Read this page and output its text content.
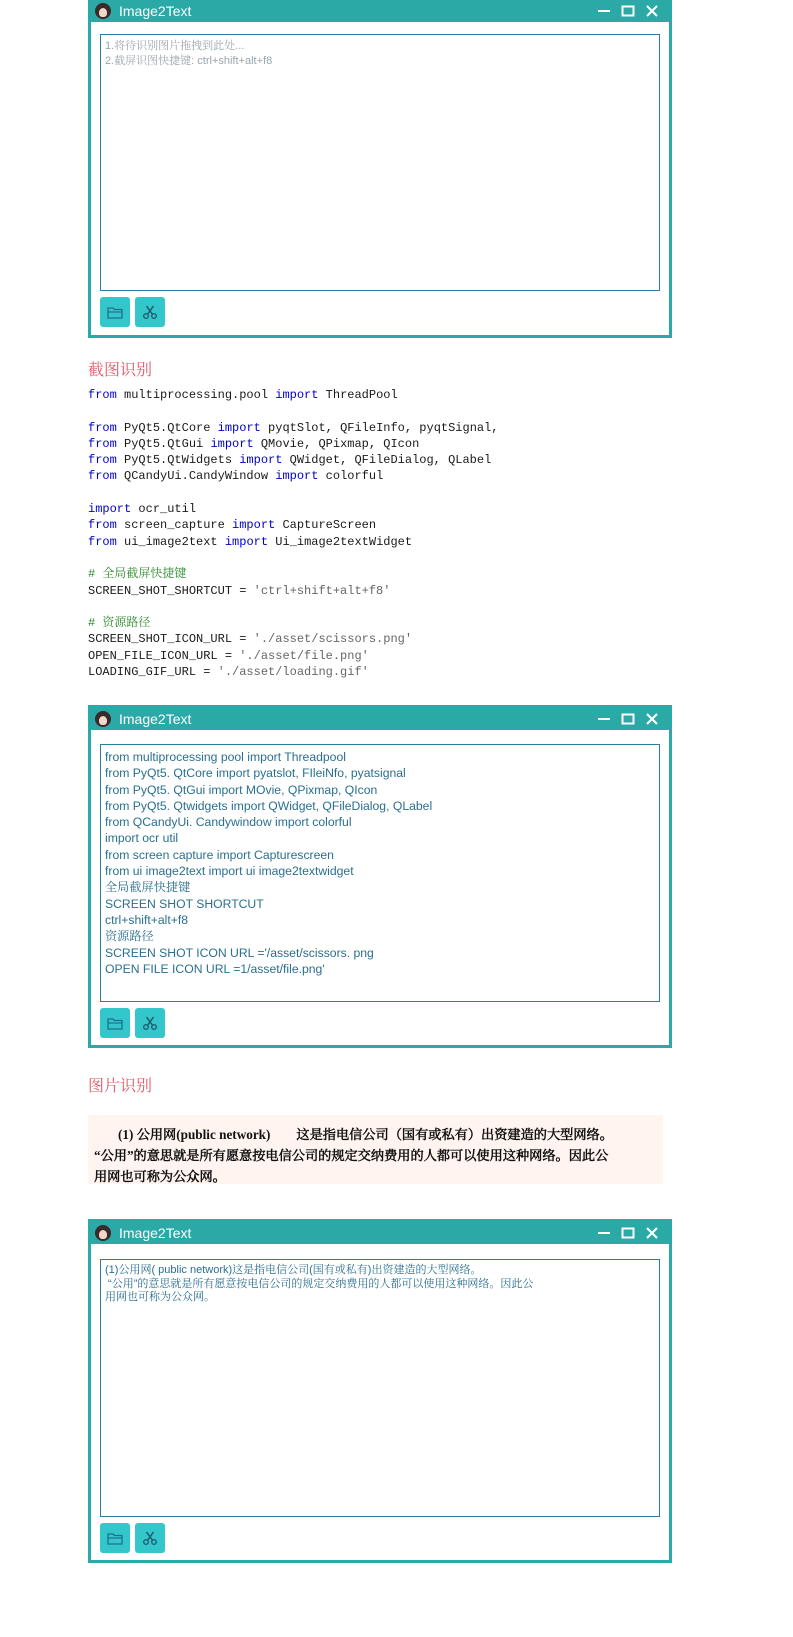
Image2Text
1.将待识别图片拖拽到此处...
2.截屏识图快捷键: ctrl+shift+alt+f8
截图识别
from multiprocessing.pool import ThreadPool
from PyQt5.QtCore import pyqtSlot, QFileInfo, pyqtSignal,
from PyQt5.QtGui import QMovie, QPixmap, QIcon
from PyQt5.QtWidgets import QWidget, QFileDialog, QLabel
from QCandyUi.CandyWindow import colorful
import ocr_util
from screen_capture import CaptureScreen
from ui_image2text import Ui_image2textWidget
# 全局截屏快捷键
SCREEN_SHOT_SHORTCUT = 'ctrl+shift+alt+f8'
# 资源路径
SCREEN_SHOT_ICON_URL = './asset/scissors.png'
OPEN_FILE_ICON_URL = './asset/file.png'
LOADING_GIF_URL = './asset/loading.gif'
Image2Text
from multiprocessing pool import Threadpool
from PyQt5. QtCore import pyatslot, FIleiNfo, pyatsignal
from PyQt5. QtGui import MOvie, QPixmap, QIcon
from PyQt5. Qtwidgets import QWidget, QFileDialog, QLabel
from QCandyUi. Candywindow import colorful
import ocr util
from screen capture import Capturescreen
from ui image2text import ui image2textwidget
全局截屏快捷键
SCREEN SHOT SHORTCUT
ctrl+shift+alt+f8
资源路径
SCREEN SHOT ICON URL ='/asset/scissors. png
OPEN FILE ICON URL =1/asset/file.png'
图片识别
(1) 公用网(public network) 这是指电信公司（国有或私有）出资建造的大型网络。
“公用”的意思就是所有愿意按电信公司的规定交纳费用的人都可以使用这种网络。因此公
用网也可称为公众网。
Image2Text
(1)公用网( public network)这是指电信公司(国有或私有)出资建造的大型网络。
“公用”的意思就是所有愿意按电信公司的规定交纳费用的人都可以使用这种网络。因此公
用网也可称为公众网。
